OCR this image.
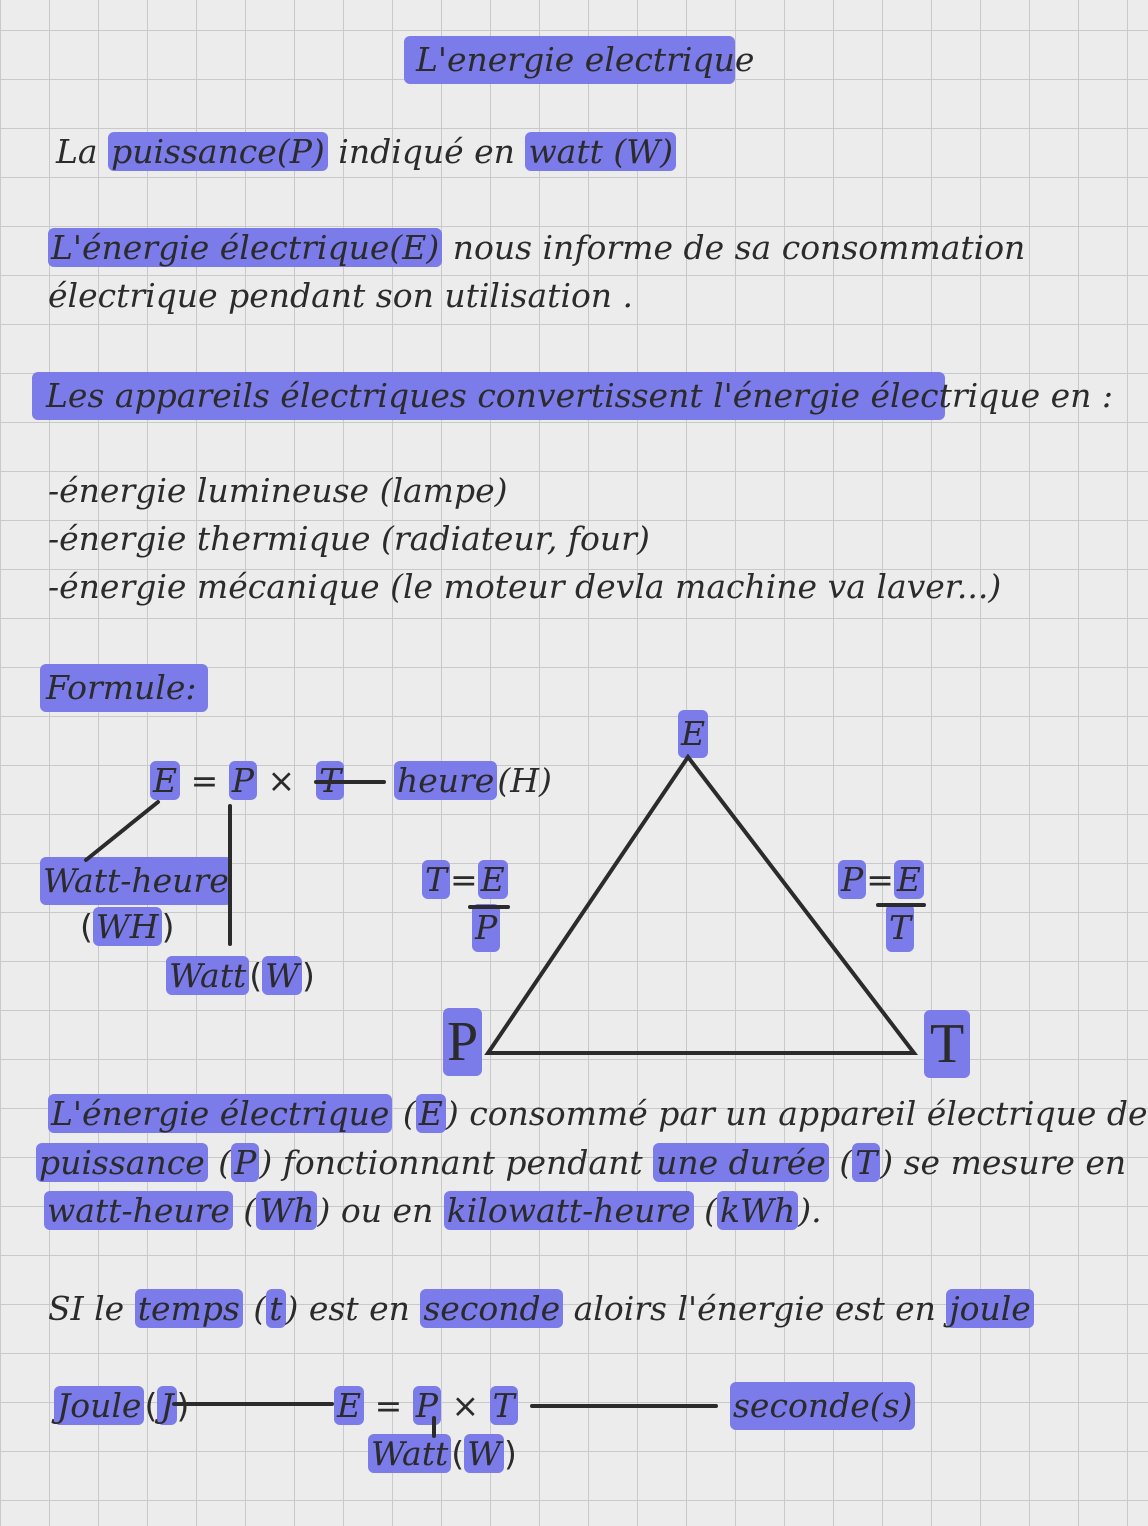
L'energie electrique
La puissance(P) indiqué en watt (W)
L'énergie électrique(E) nous informe de sa consommation
électrique pendant son utilisation .
Les appareils électriques convertissent l'énergie électrique en :
-énergie lumineuse (lampe)
-énergie thermique (radiateur, four)
-énergie mécanique (le moteur devla machine va laver...)
Formule:
E = P × T heure(H)
Watt-heure
(WH)
Watt(W)
T=E
P
P=E
T
E
P	T
L'énergie électrique (E) consommé par un appareil électrique de
puissance (P) fonctionnant pendant une durée (T) se mesure en
watt-heure (Wh) ou en kilowatt-heure (kWh).
SI le temps (t) est en seconde aloirs l'énergie est en joule
Joule(J)	E = P × T	seconde(s)
Watt(W)
